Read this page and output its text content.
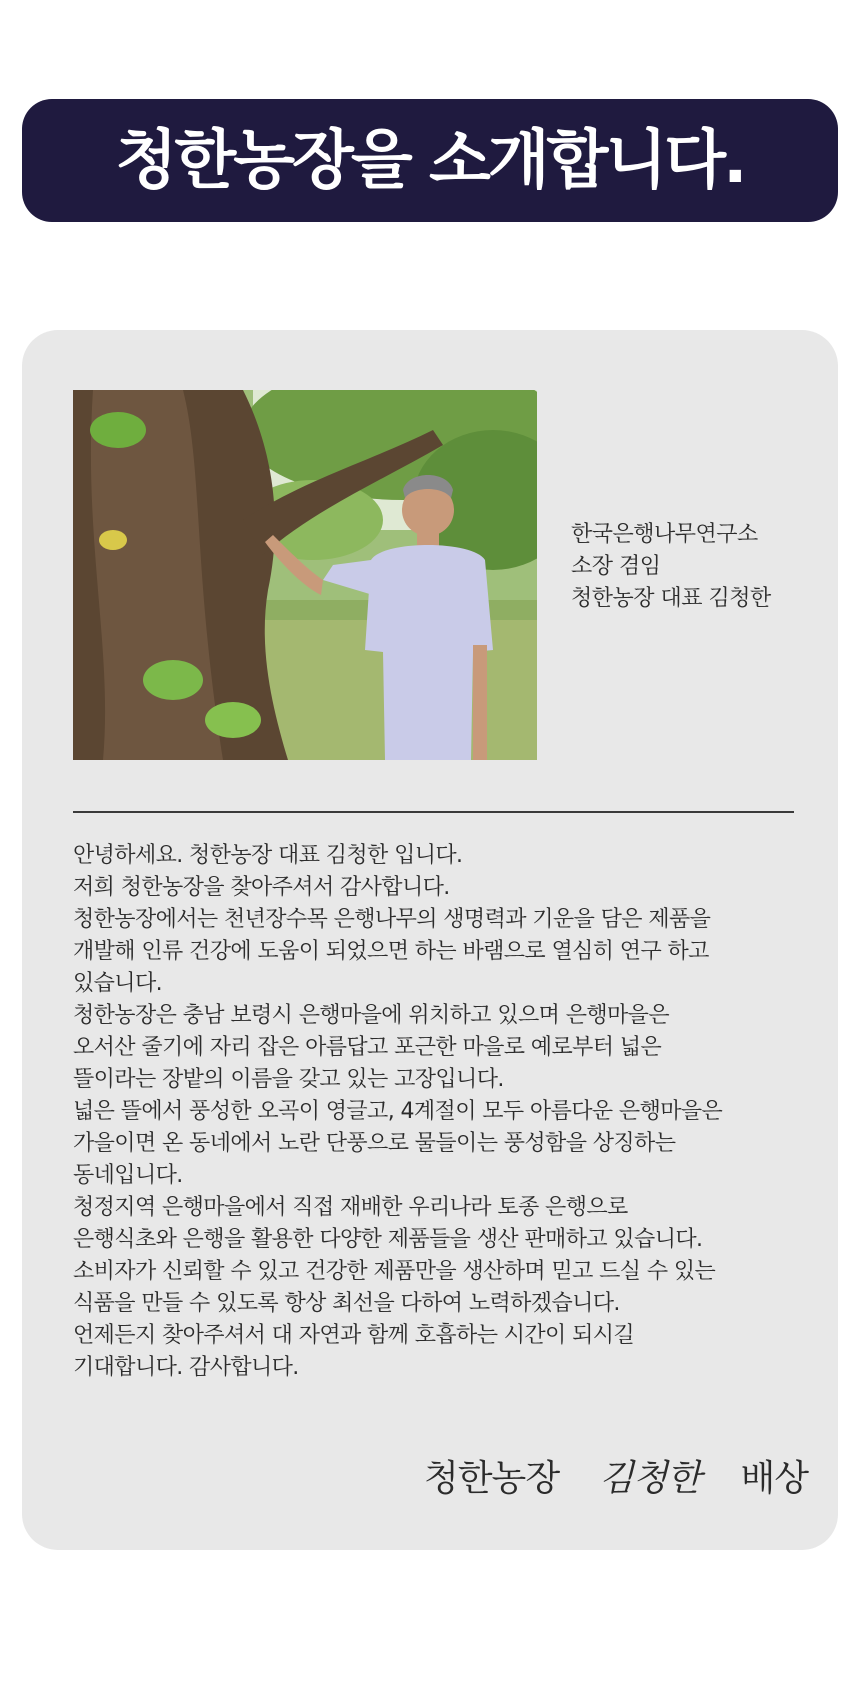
청한농장을 소개합니다.
한국은행나무연구소
소장 겸임
청한농장 대표 김청한
안녕하세요. 청한농장 대표 김청한 입니다.
저희 청한농장을 찾아주셔서 감사합니다.
청한농장에서는 천년장수목 은행나무의 생명력과 기운을 담은 제품을
개발해 인류 건강에 도움이 되었으면 하는 바램으로 열심히 연구 하고
있습니다.
청한농장은 충남 보령시 은행마을에 위치하고 있으며 은행마을은
오서산 줄기에 자리 잡은 아름답고 포근한 마을로 예로부터 넓은
뜰이라는 장밭의 이름을 갖고 있는 고장입니다.
넓은 뜰에서 풍성한 오곡이 영글고, 4계절이 모두 아름다운 은행마을은
가을이면 온 동네에서 노란 단풍으로 물들이는 풍성함을 상징하는
동네입니다.
청정지역 은행마을에서 직접 재배한 우리나라 토종 은행으로
은행식초와 은행을 활용한 다양한 제품들을 생산 판매하고 있습니다.
소비자가 신뢰할 수 있고 건강한 제품만을 생산하며 믿고 드실 수 있는
식품을 만들 수 있도록 항상 최선을 다하여 노력하겠습니다.
언제든지 찾아주셔서 대 자연과 함께 호흡하는 시간이 되시길
기대합니다. 감사합니다.
청한농장 김청한 배상
